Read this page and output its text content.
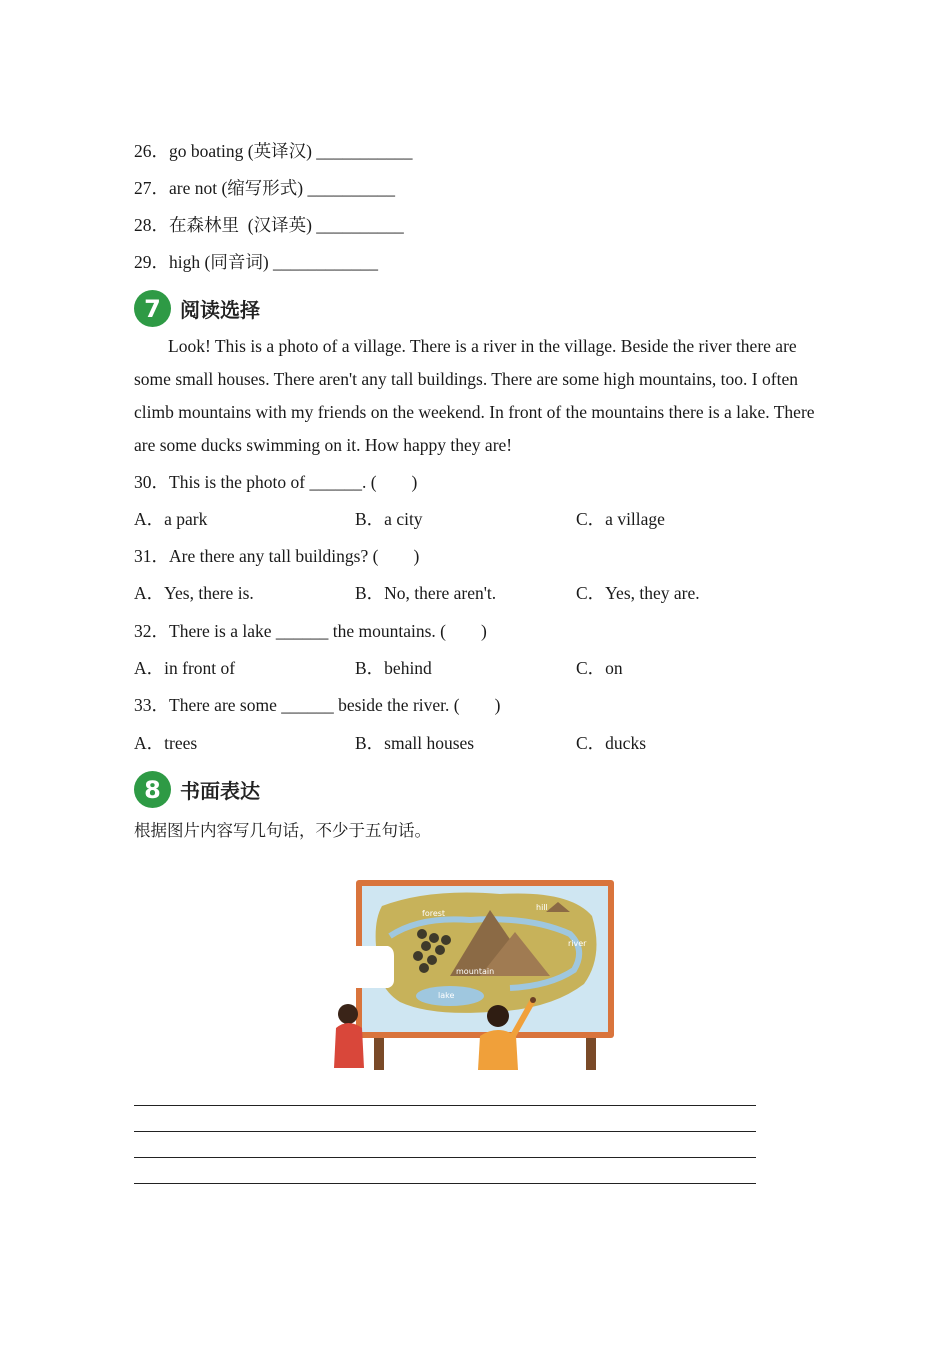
26．go boating (英译汉) ___________
27．are not (缩写形式) __________
28．在森林里  (汉译英) __________
29．high (同音词) ____________
7 阅读选择
Look! This is a photo of a village. There is a river in the village. Beside the river there are some small houses. There aren't any tall buildings. There are some high mountains, too. I often climb mountains with my friends on the weekend. In front of the mountains there is a lake. There are some ducks swimming on it. How happy they are!
30．This is the photo of ______. (        )
A．a park	B．a city	C．a village
31．Are there any tall buildings? (        )
A．Yes, there is.	B．No, there aren't.	C．Yes, they are.
32．There is a lake ______ the mountains. (        )
A．in front of	B．behind	C．on
33．There are some ______ beside the river. (        )
A．trees	B．small houses	C．ducks
8 书面表达
根据图片内容写几句话，不少于五句话。
forest
hill
river
mountain
lake
